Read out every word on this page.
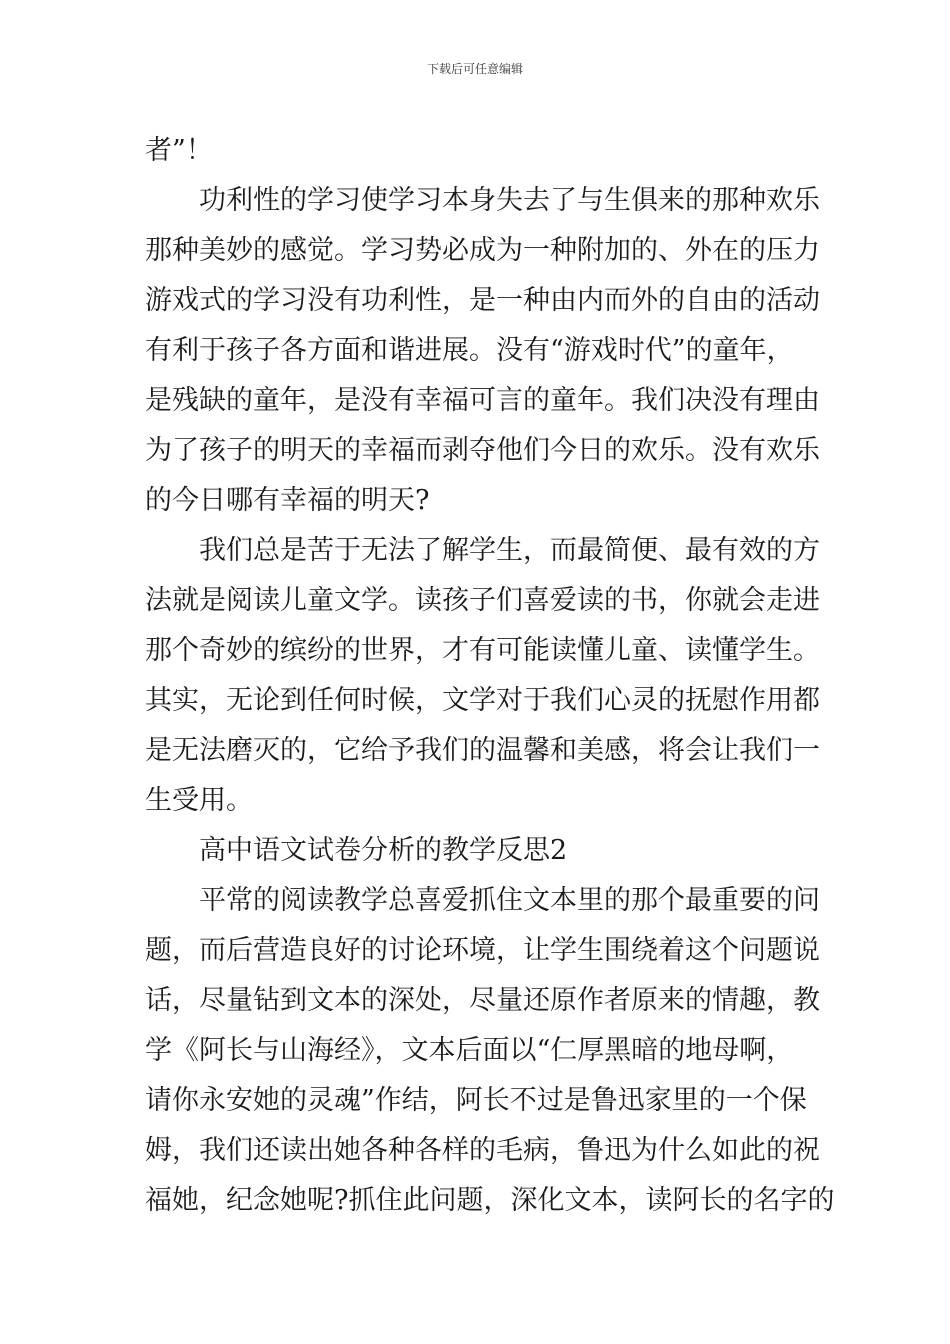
下载后可任意编辑
者”！
功利性的学习使学习本身失去了与生俱来的那种欢乐
那种美妙的感觉。学习势必成为一种附加的、外在的压力
游戏式的学习没有功利性，是一种由内而外的自由的活动
有利于孩子各方面和谐进展。没有“游戏时代”的童年，
是残缺的童年，是没有幸福可言的童年。我们决没有理由
为了孩子的明天的幸福而剥夺他们今日的欢乐。没有欢乐
的今日哪有幸福的明天?
我们总是苦于无法了解学生，而最简便、最有效的方
法就是阅读儿童文学。读孩子们喜爱读的书，你就会走进
那个奇妙的缤纷的世界，才有可能读懂儿童、读懂学生。
其实，无论到任何时候，文学对于我们心灵的抚慰作用都
是无法磨灭的，它给予我们的温馨和美感，将会让我们一
生受用。
高中语文试卷分析的教学反思2
平常的阅读教学总喜爱抓住文本里的那个最重要的问
题，而后营造良好的讨论环境，让学生围绕着这个问题说
话，尽量钻到文本的深处，尽量还原作者原来的情趣，教
学《阿长与山海经》，文本后面以“仁厚黑暗的地母啊，
请你永安她的灵魂”作结，阿长不过是鲁迅家里的一个保
姆，我们还读出她各种各样的毛病，鲁迅为什么如此的祝
福她，纪念她呢?抓住此问题，深化文本，读阿长的名字的
